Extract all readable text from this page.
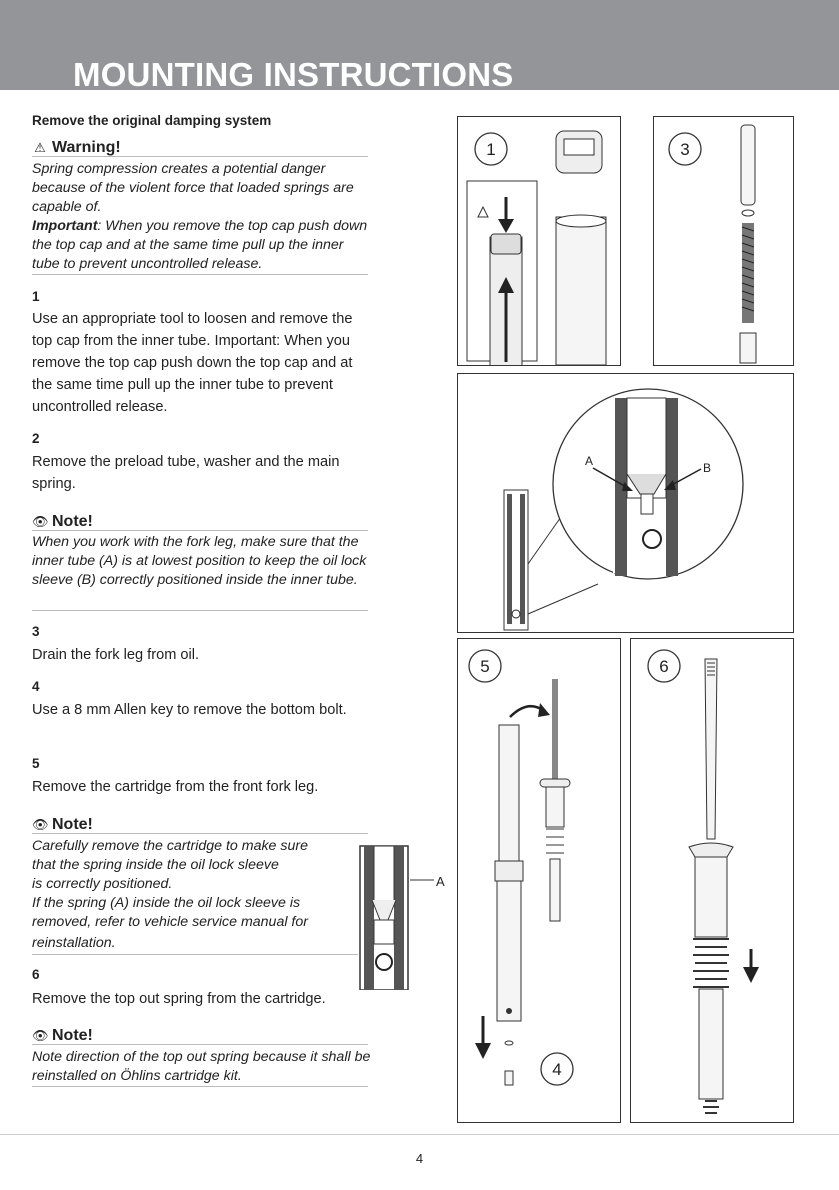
MOUNTING INSTRUCTIONS
Remove the original damping system
⚠ Warning!
Spring compression creates a potential danger because of the violent force that loaded springs are capable of.
Important: When you remove the top cap push down the top cap and at the same time pull up the inner tube to prevent uncontrolled release.
1
Use an appropriate tool to loosen and remove the top cap from the inner tube. Important: When you remove the top cap push down the top cap and at the same time pull up the inner tube to prevent uncontrolled release.
2
Remove the preload tube, washer and the main spring.
👁 Note!
When you work with the fork leg, make sure that the inner tube (A) is at lowest position to keep the oil lock sleeve (B) correctly positioned inside the inner tube.
3
Drain the fork leg from oil.
4
Use a 8 mm Allen key to remove the bottom bolt.
5
Remove the cartridge from the front fork leg.
👁 Note!
Carefully remove the cartridge to make sure
that the spring inside the oil lock sleeve
is correctly positioned.
If the spring (A) inside the oil lock sleeve is
removed, refer to vehicle service manual for
reinstallation.
A
6
Remove the top out spring from the cartridge.
👁 Note!
Note direction of the top out spring because it shall be reinstalled on Öhlins cartridge kit.
1	3
A	B
5
4
6
4
